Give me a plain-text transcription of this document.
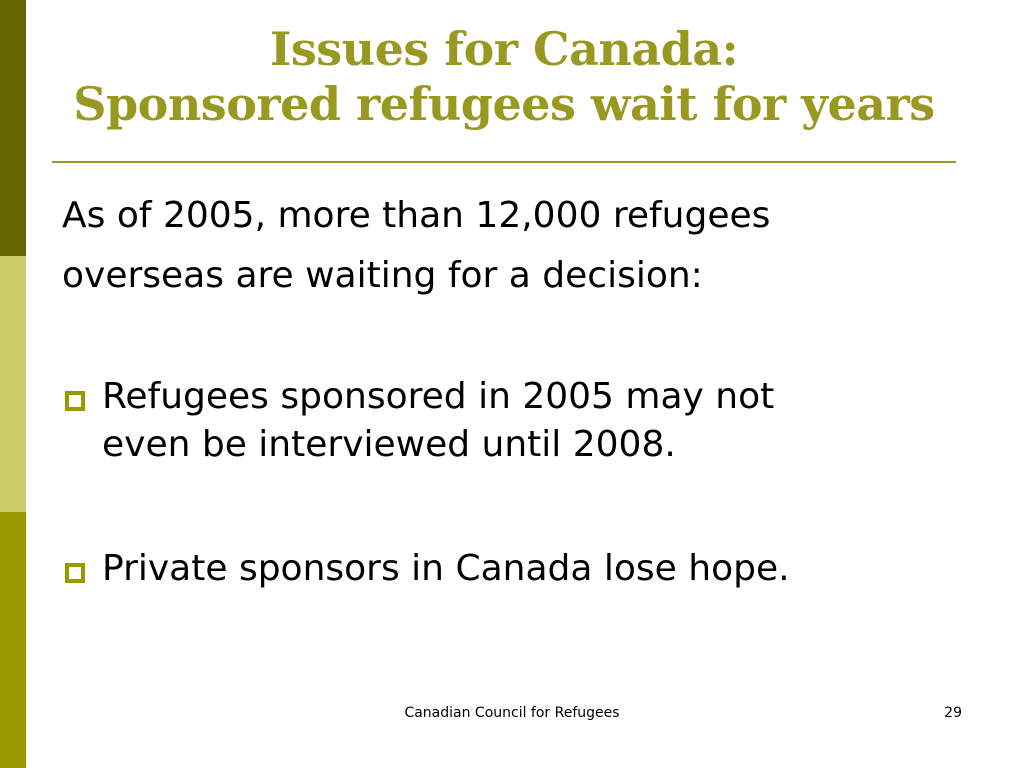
Issues for Canada:
Sponsored refugees wait for years

As of 2005, more than 12,000 refugees
overseas are waiting for a decision:

Refugees sponsored in 2005 may not
even be interviewed until 2008.
Private sponsors in Canada lose hope.
Canadian Council for Refugees	29
